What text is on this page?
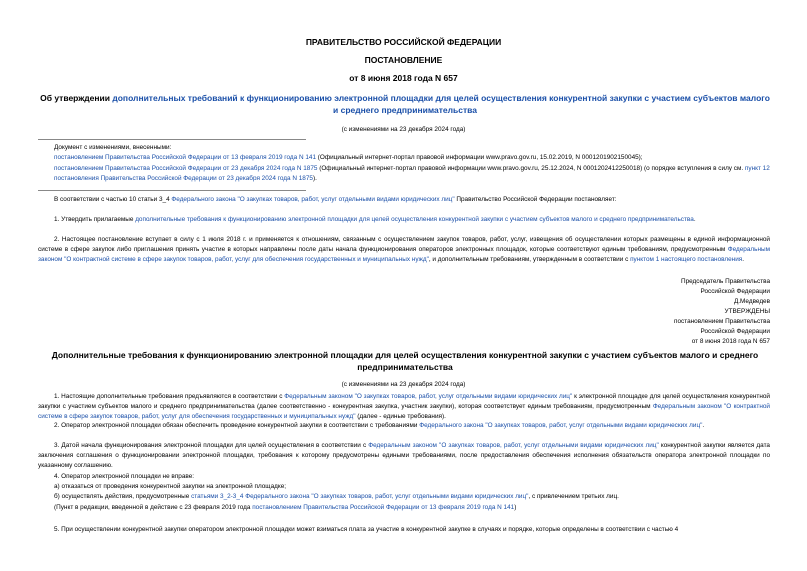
ПРАВИТЕЛЬСТВО РОССИЙСКОЙ ФЕДЕРАЦИИ
ПОСТАНОВЛЕНИЕ
от 8 июня 2018 года N 657
Об утверждении дополнительных требований к функционированию электронной площадки для целей осуществления конкурентной закупки с участием субъектов малого и среднего предпринимательства
(с изменениями на 23 декабря 2024 года)
Документ с изменениями, внесенными:
постановлением Правительства Российской Федерации от 13 февраля 2019 года N 141 (Официальный интернет-портал правовой информации www.pravo.gov.ru, 15.02.2019, N 0001201902150045);
постановлением Правительства Российской Федерации от 23 декабря 2024 года N 1875 (Официальный интернет-портал правовой информации www.pravo.gov.ru, 25.12.2024, N 0001202412250018) (о порядке вступления в силу см. пункт 12 постановления Правительства Российской Федерации от 23 декабря 2024 года N 1875).
В соответствии с частью 10 статьи 3_4 Федерального закона "О закупках товаров, работ, услуг отдельными видами юридических лиц" Правительство Российской Федерации постановляет:
1. Утвердить прилагаемые дополнительные требования к функционированию электронной площадки для целей осуществления конкурентной закупки с участием субъектов малого и среднего предпринимательства.
2. Настоящее постановление вступает в силу с 1 июля 2018 г. и применяется к отношениям, связанным с осуществлением закупок товаров, работ, услуг, извещения об осуществлении которых размещены в единой информационной системе в сфере закупок либо приглашения принять участие в которых направлены после даты начала функционирования операторов электронных площадок, которые соответствуют единым требованиям, предусмотренным Федеральным законом "О контрактной системе в сфере закупок товаров, работ, услуг для обеспечения государственных и муниципальных нужд", и дополнительным требованиям, утвержденным в соответствии с пунктом 1 настоящего постановления.
Председатель Правительства
Российской Федерации
Д.Медведев
УТВЕРЖДЕНЫ
постановлением Правительства
Российской Федерации
от 8 июня 2018 года N 657
Дополнительные требования к функционированию электронной площадки для целей осуществления конкурентной закупки с участием субъектов малого и среднего предпринимательства
(с изменениями на 23 декабря 2024 года)
1. Настоящие дополнительные требования предъявляются в соответствии с Федеральным законом "О закупках товаров, работ, услуг отдельными видами юридических лиц" к электронной площадке для целей осуществления конкурентной закупки с участием субъектов малого и среднего предпринимательства (далее соответственно - конкурентная закупка, участник закупки), которая соответствует единым требованиям, предусмотренным Федеральным законом "О контрактной системе в сфере закупок товаров, работ, услуг для обеспечения государственных и муниципальных нужд" (далее - единые требования).
2. Оператор электронной площадки обязан обеспечить проведение конкурентной закупки в соответствии с требованиями Федерального закона "О закупках товаров, работ, услуг отдельными видами юридических лиц".
3. Датой начала функционирования электронной площадки для целей осуществления в соответствии с Федеральным законом "О закупках товаров, работ, услуг отдельными видами юридических лиц" конкурентной закупки является дата заключения соглашения о функционировании электронной площадки, требования к которому предусмотрены едиными требованиями, после предоставления обеспечения исполнения обязательств оператора электронной площадки по указанному соглашению.
4. Оператор электронной площадки не вправе:
а) отказаться от проведения конкурентной закупки на электронной площадке;
б) осуществлять действия, предусмотренные статьями 3_2-3_4 Федерального закона "О закупках товаров, работ, услуг отдельными видами юридических лиц", с привлечением третьих лиц.
(Пункт в редакции, введенной в действие с 23 февраля 2019 года постановлением Правительства Российской Федерации от 13 февраля 2019 года N 141)
5. При осуществлении конкурентной закупки оператором электронной площадки может взиматься плата за участие в конкурентной закупке в случаях и порядке, которые определены в соответствии с частью 4
